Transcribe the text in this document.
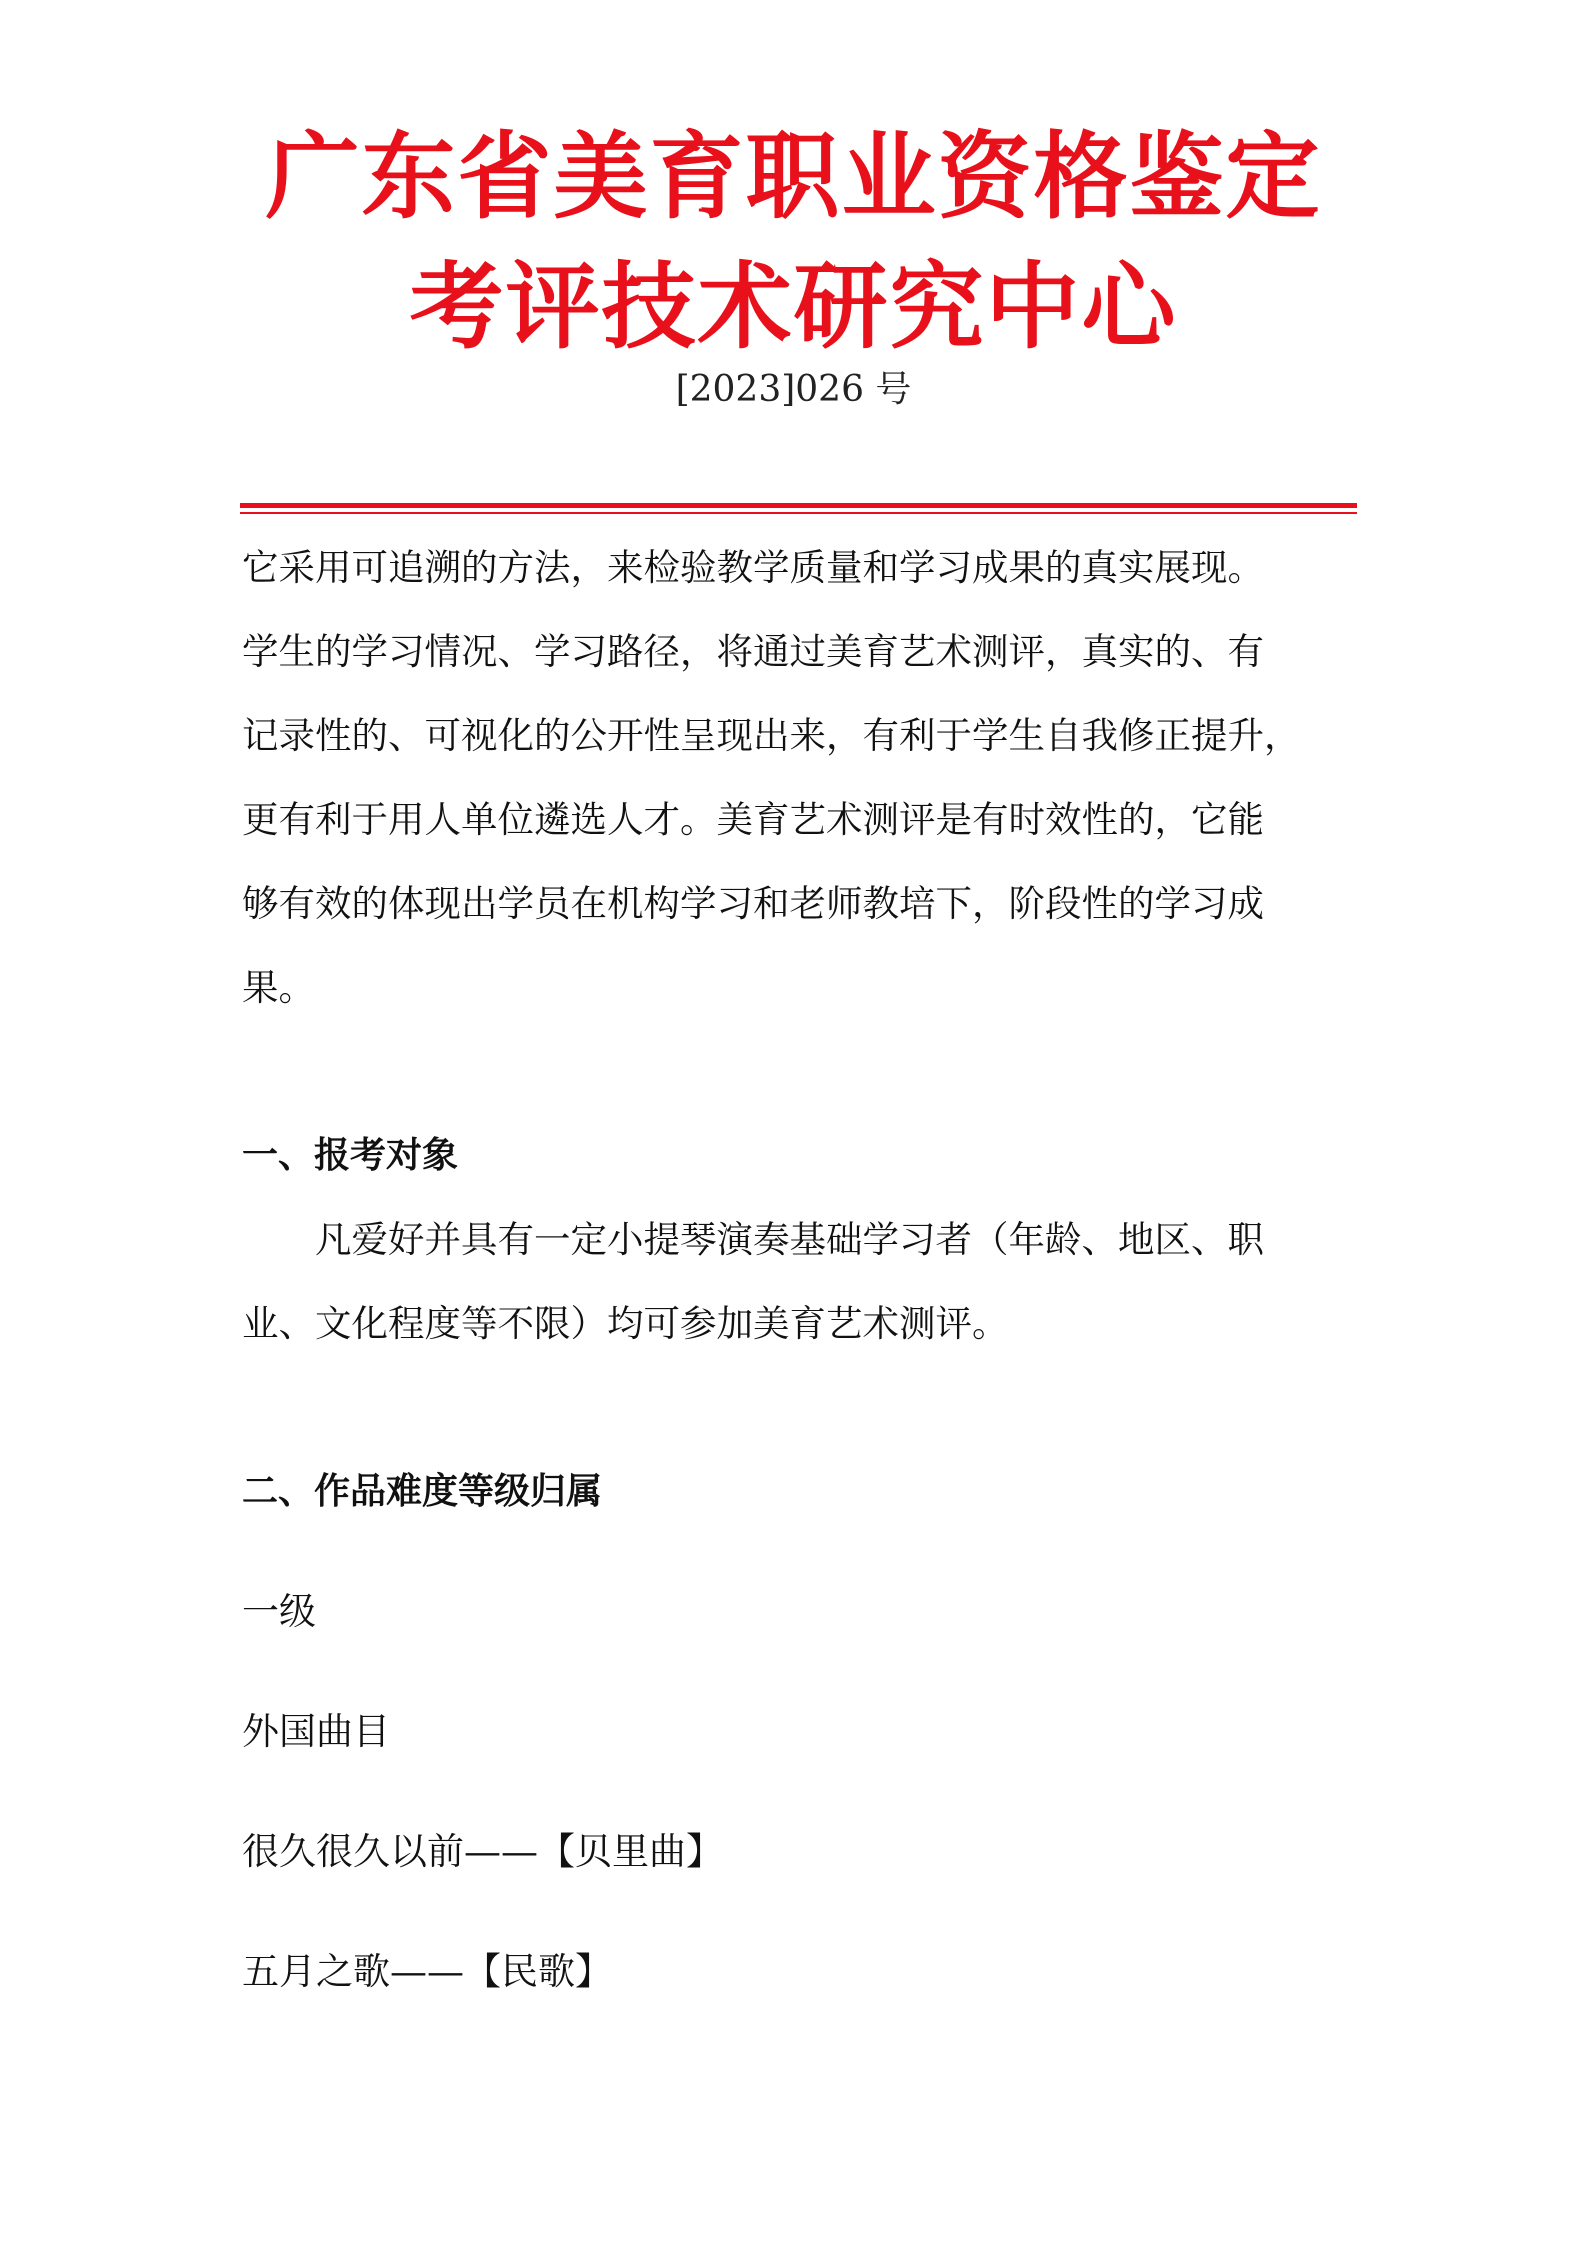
广东省美育职业资格鉴定
考评技术研究中心
[2023]026 号
它采用可追溯的方法，来检验教学质量和学习成果的真实展现。
学生的学习情况、学习路径，将通过美育艺术测评，真实的、有
记录性的、可视化的公开性呈现出来，有利于学生自我修正提升，
更有利于用人单位遴选人才。美育艺术测评是有时效性的，它能
够有效的体现出学员在机构学习和老师教培下，阶段性的学习成
果。
一、报考对象
凡爱好并具有一定小提琴演奏基础学习者（年龄、地区、职
业、文化程度等不限）均可参加美育艺术测评。
二、作品难度等级归属
一级
外国曲目
很久很久以前——【贝里曲】
五月之歌——【民歌】
